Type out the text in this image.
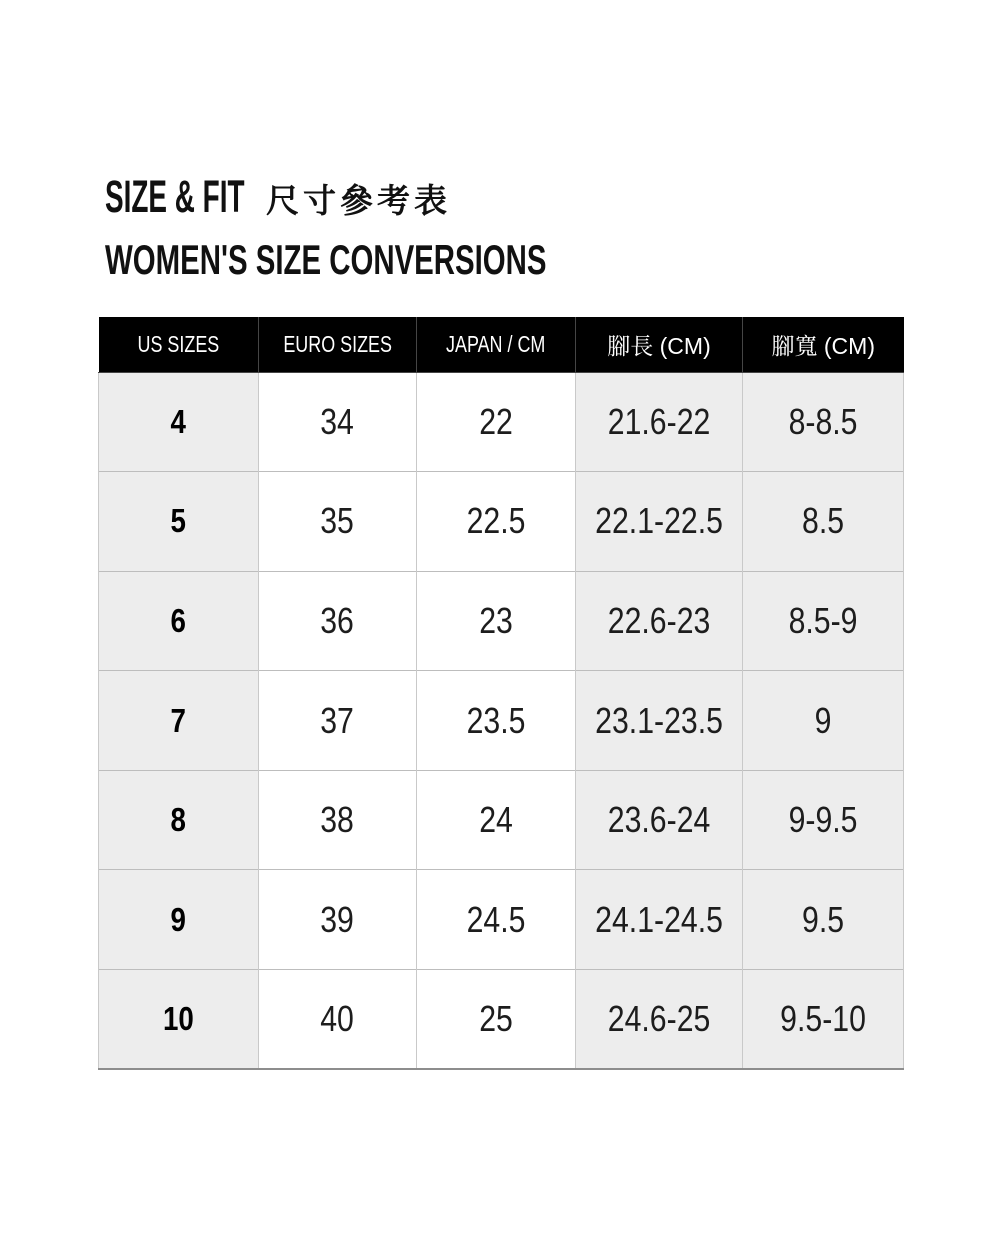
SIZE & FIT 尺寸參考表
WOMEN'S SIZE CONVERSIONS
US SIZES	EURO SIZES	JAPAN / CM	腳長 (CM)	腳寬 (CM)
4	34	22	21.6-22	8-8.5
5	35	22.5	22.1-22.5	8.5
6	36	23	22.6-23	8.5-9
7	37	23.5	23.1-23.5	9
8	38	24	23.6-24	9-9.5
9	39	24.5	24.1-24.5	9.5
10	40	25	24.6-25	9.5-10
